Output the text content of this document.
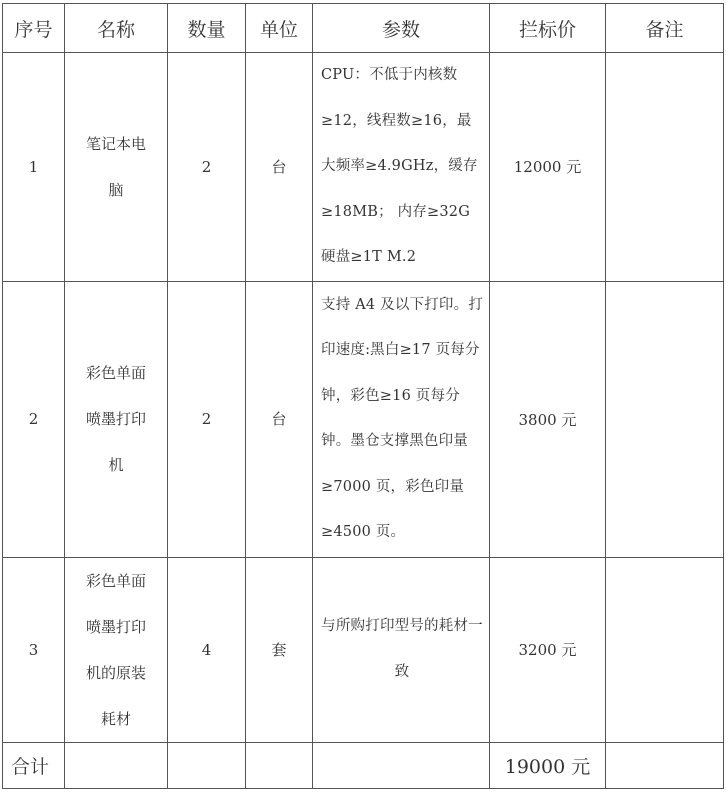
序号	名称	数量	单位	参数	拦标价	备注
1	笔记本电脑	2	台	CPU：不低于内核数≥12，线程数≥16，最大频率≥4.9GHz，缓存≥18MB； 内存≥32G 硬盘≥1T M.2	12000 元	
2	彩色单面喷墨打印机	2	台	支持 A4 及以下打印。打印速度:黑白≥17 页每分钟，彩色≥16 页每分钟。墨仓支撑黑色印量≥7000 页，彩色印量≥4500 页。	3800 元	
3	彩色单面喷墨打印机的原装耗材	4	套	与所购打印型号的耗材一致	3200 元	
合计					19000 元	
